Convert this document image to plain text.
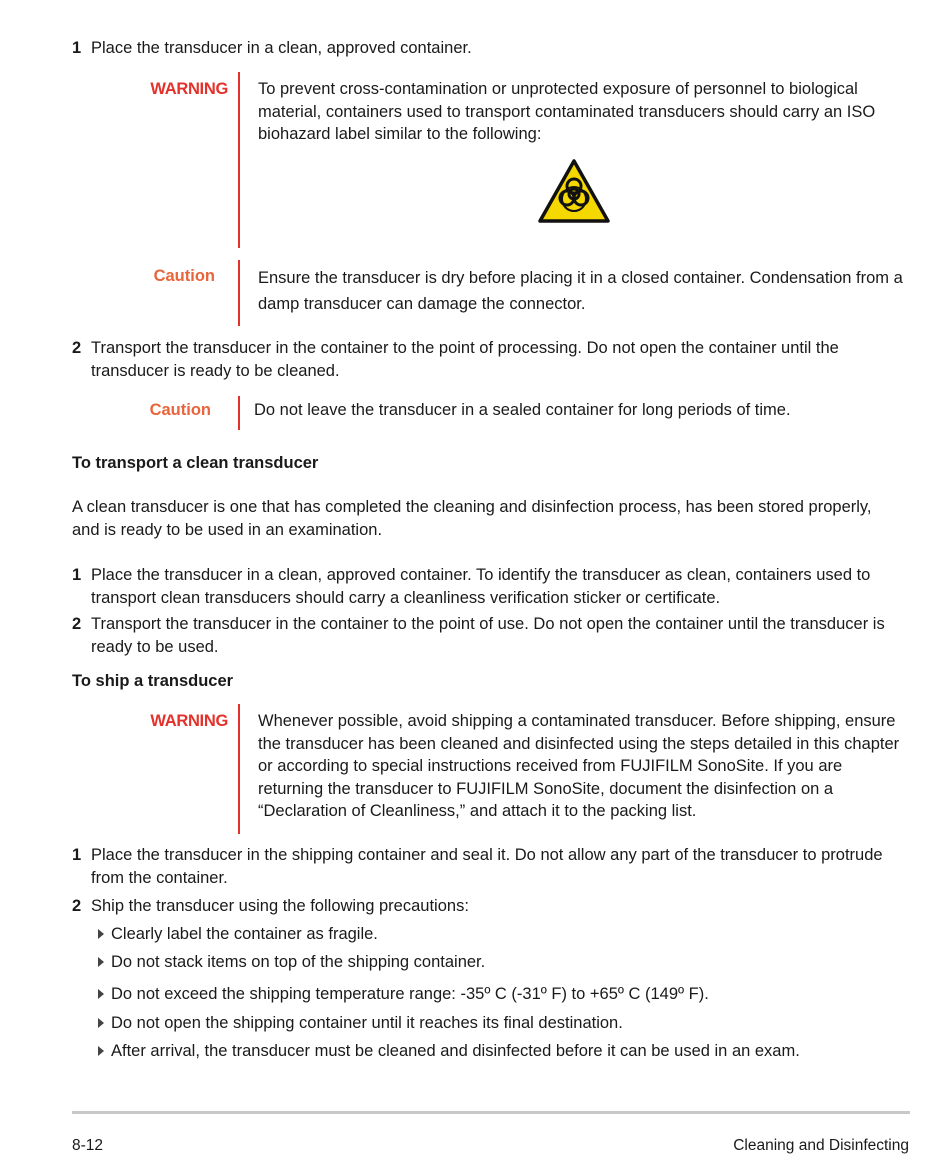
1 Place the transducer in a clean, approved container.
WARNING To prevent cross-contamination or unprotected exposure of personnel to biological material, containers used to transport contaminated transducers should carry an ISO biohazard label similar to the following:
Caution	Ensure the transducer is dry before placing it in a closed container. Condensation from a damp transducer can damage the connector.
2 Transport the transducer in the container to the point of processing. Do not open the container until the transducer is ready to be cleaned.
Caution	Do not leave the transducer in a sealed container for long periods of time.
To transport a clean transducer
A clean transducer is one that has completed the cleaning and disinfection process, has been stored properly, and is ready to be used in an examination.
1 Place the transducer in a clean, approved container. To identify the transducer as clean, containers used to transport clean transducers should carry a cleanliness verification sticker or certificate.
2 Transport the transducer in the container to the point of use. Do not open the container until the transducer is ready to be used.
To ship a transducer
WARNING Whenever possible, avoid shipping a contaminated transducer. Before shipping, ensure the transducer has been cleaned and disinfected using the steps detailed in this chapter or according to special instructions received from FUJIFILM SonoSite. If you are returning the transducer to FUJIFILM SonoSite, document the disinfection on a “Declaration of Cleanliness,” and attach it to the packing list.
1 Place the transducer in the shipping container and seal it. Do not allow any part of the transducer to protrude from the container.
2 Ship the transducer using the following precautions:
Clearly label the container as fragile.
Do not stack items on top of the shipping container.
Do not exceed the shipping temperature range: -35º C (-31º F) to +65º C (149º F).
Do not open the shipping container until it reaches its final destination.
After arrival, the transducer must be cleaned and disinfected before it can be used in an exam.
8-12	Cleaning and Disinfecting
